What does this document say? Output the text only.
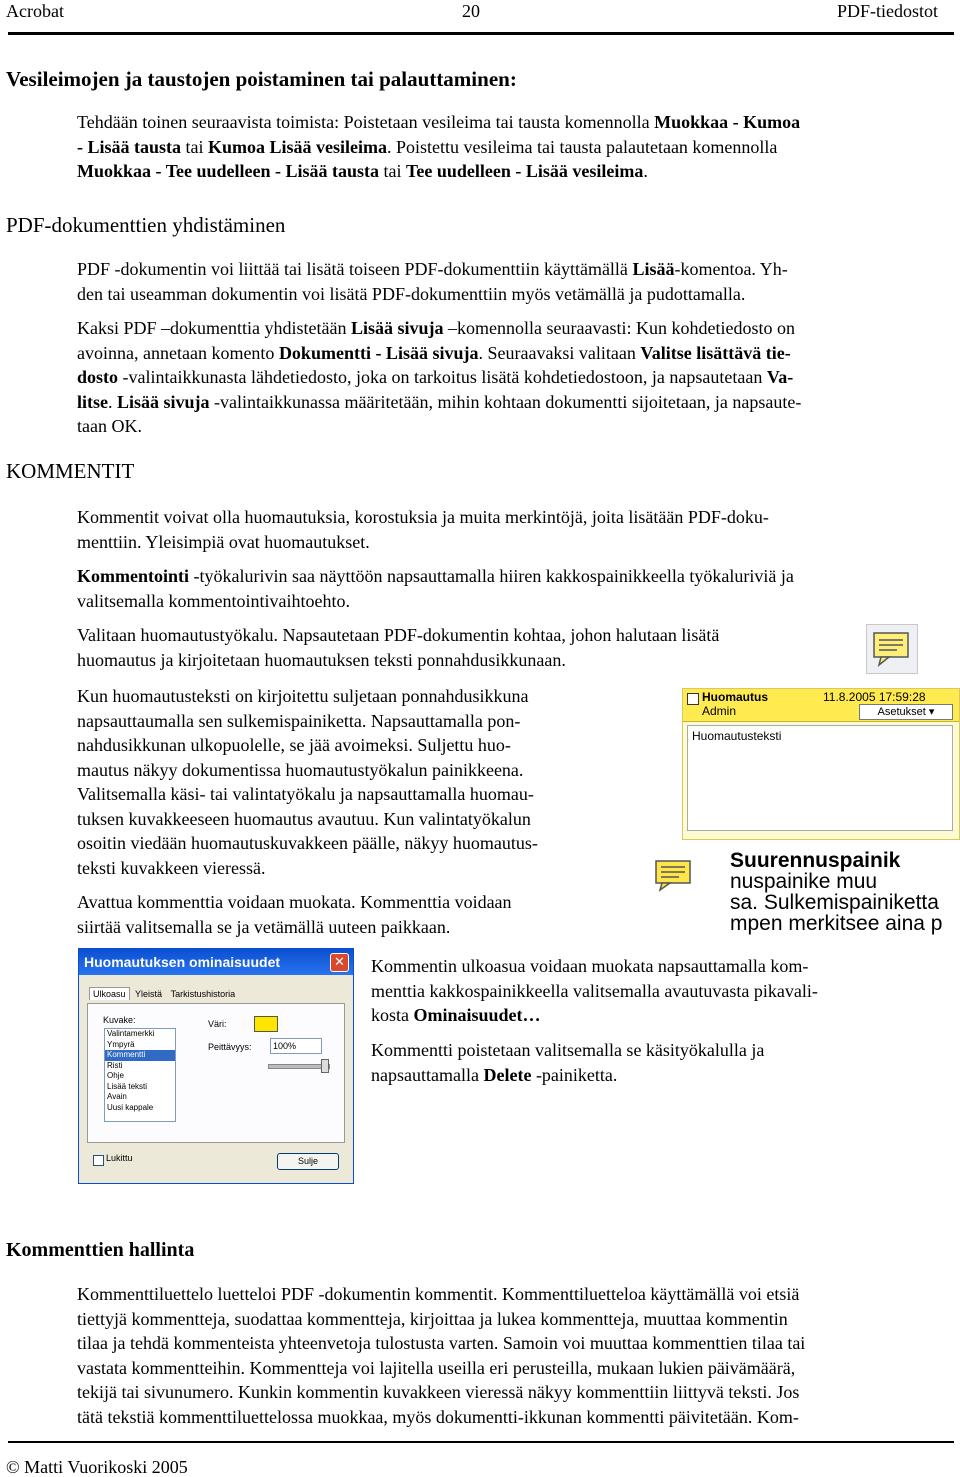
Acrobat	20	PDF-tiedostot
Vesileimojen ja taustojen poistaminen tai palauttaminen:
Tehdään toinen seuraavista toimista: Poistetaan vesileima tai tausta komennolla Muokkaa - Kumoa
- Lisää tausta tai Kumoa Lisää vesileima. Poistettu vesileima tai tausta palautetaan komennolla
Muokkaa - Tee uudelleen - Lisää tausta tai Tee uudelleen - Lisää vesileima.
PDF-dokumenttien yhdistäminen
PDF -dokumentin voi liittää tai lisätä toiseen PDF-dokumenttiin käyttämällä Lisää-komentoa. Yh-
den tai useamman dokumentin voi lisätä PDF-dokumenttiin myös vetämällä ja pudottamalla.
Kaksi PDF –dokumenttia yhdistetään Lisää sivuja –komennolla seuraavasti: Kun kohdetiedosto on
avoinna, annetaan komento Dokumentti - Lisää sivuja. Seuraavaksi valitaan Valitse lisättävä tie-
dosto -valintaikkunasta lähdetiedosto, joka on tarkoitus lisätä kohdetiedostoon, ja napsautetaan Va-
litse. Lisää sivuja -valintaikkunassa määritetään, mihin kohtaan dokumentti sijoitetaan, ja napsaute-
taan OK.
KOMMENTIT
Kommentit voivat olla huomautuksia, korostuksia ja muita merkintöjä, joita lisätään PDF-doku-
menttiin. Yleisimpiä ovat huomautukset.
Kommentointi -työkalurivin saa näyttöön napsauttamalla hiiren kakkospainikkeella työkaluriviä ja
valitsemalla kommentointivaihtoehto.
Valitaan huomautustyökalu. Napsautetaan PDF-dokumentin kohtaa, johon halutaan lisätä
huomautus ja kirjoitetaan huomautuksen teksti ponnahdusikkunaan.
Kun huomautusteksti on kirjoitettu suljetaan ponnahdusikkuna
napsauttaumalla sen sulkemispainiketta. Napsauttamalla pon-
nahdusikkunan ulkopuolelle, se jää avoimeksi. Suljettu huo-
mautus näkyy dokumentissa huomautustyökalun painikkeena.
Valitsemalla käsi- tai valintatyökalu ja napsauttamalla huomau-
tuksen kuvakkeeseen huomautus avautuu. Kun valintatyökalun
osoitin viedään huomautuskuvakkeen päälle, näkyy huomautus-
teksti kuvakkeen vieressä.
Huomautus	11.8.2005 17:59:28
Admin	Asetukset ▾
Huomautusteksti
Suurennuspainik
nuspainike muu
sa. Sulkemispainiketta
mpen merkitsee aina p
Avattua kommenttia voidaan muokata. Kommenttia voidaan
siirtää valitsemalla se ja vetämällä uuteen paikkaan.
Huomautuksen ominaisuudet	✕
Ulkoasu Yleistä Tarkistushistoria
Kuvake:
Valintamerkki
Ympyrä
Kommentti
Risti
Ohje
Lisää teksti
Avain
Uusi kappale
Väri:
Peittävyys:	100%
Lukittu	Sulje
Kommentin ulkoasua voidaan muokata napsauttamalla kom-
menttia kakkospainikkeella valitsemalla avautuvasta pikavali-
kosta Ominaisuudet…
Kommentti poistetaan valitsemalla se käsityökalulla ja
napsauttamalla Delete -painiketta.
Kommenttien hallinta
Kommenttiluettelo luetteloi PDF -dokumentin kommentit. Kommenttiluetteloa käyttämällä voi etsiä
tiettyjä kommentteja, suodattaa kommentteja, kirjoittaa ja lukea kommentteja, muuttaa kommentin
tilaa ja tehdä kommenteista yhteenvetoja tulostusta varten. Samoin voi muuttaa kommenttien tilaa tai
vastata kommentteihin. Kommentteja voi lajitella useilla eri perusteilla, mukaan lukien päivämäärä,
tekijä tai sivunumero. Kunkin kommentin kuvakkeen vieressä näkyy kommenttiin liittyvä teksti. Jos
tätä tekstiä kommenttiluettelossa muokkaa, myös dokumentti-ikkunan kommentti päivitetään. Kom-
© Matti Vuorikoski 2005
